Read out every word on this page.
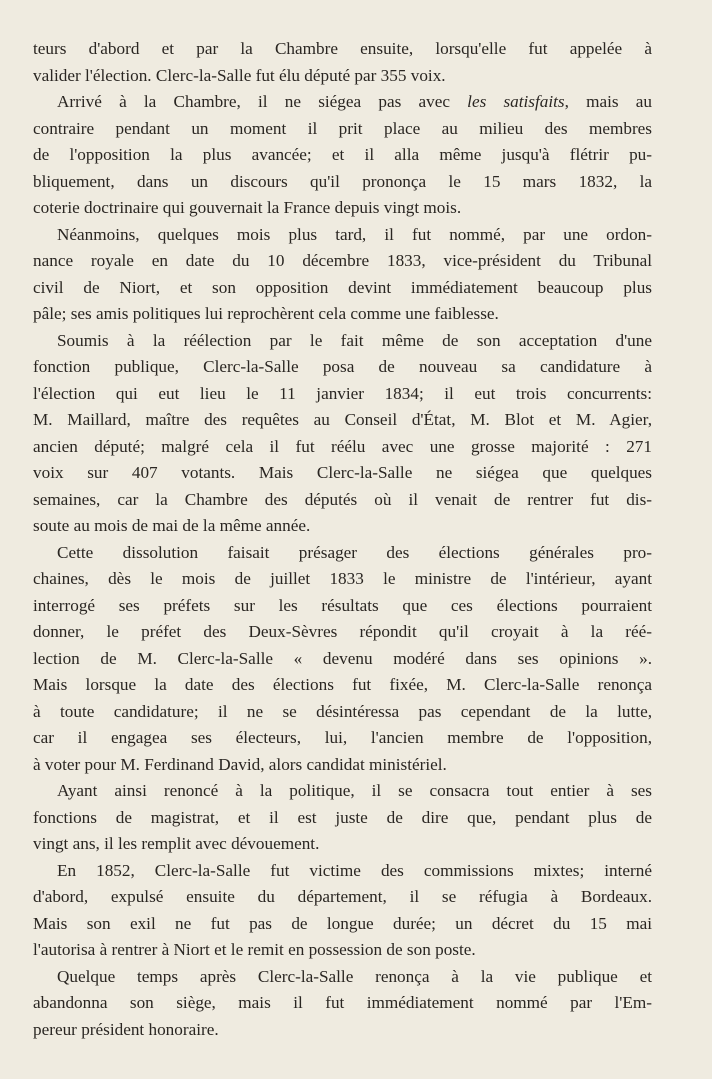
teurs d'abord et par la Chambre ensuite, lorsqu'elle fut appelée à
valider l'élection. Clerc-la-Salle fut élu député par 355 voix.
Arrivé à la Chambre, il ne siégea pas avec les satisfaits, mais au
contraire pendant un moment il prit place au milieu des membres
de l'opposition la plus avancée; et il alla même jusqu'à flétrir pu-
bliquement, dans un discours qu'il prononça le 15 mars 1832, la
coterie doctrinaire qui gouvernait la France depuis vingt mois.
Néanmoins, quelques mois plus tard, il fut nommé, par une ordon-
nance royale en date du 10 décembre 1833, vice-président du Tribunal
civil de Niort, et son opposition devint immédiatement beaucoup plus
pâle; ses amis politiques lui reprochèrent cela comme une faiblesse.
Soumis à la réélection par le fait même de son acceptation d'une
fonction publique, Clerc-la-Salle posa de nouveau sa candidature à
l'élection qui eut lieu le 11 janvier 1834; il eut trois concurrents:
M. Maillard, maître des requêtes au Conseil d'État, M. Blot et M. Agier,
ancien député; malgré cela il fut réélu avec une grosse majorité : 271
voix sur 407 votants. Mais Clerc-la-Salle ne siégea que quelques
semaines, car la Chambre des députés où il venait de rentrer fut dis-
soute au mois de mai de la même année.
Cette dissolution faisait présager des élections générales pro-
chaines, dès le mois de juillet 1833 le ministre de l'intérieur, ayant
interrogé ses préfets sur les résultats que ces élections pourraient
donner, le préfet des Deux-Sèvres répondit qu'il croyait à la réé-
lection de M. Clerc-la-Salle « devenu modéré dans ses opinions ».
Mais lorsque la date des élections fut fixée, M. Clerc-la-Salle renonça
à toute candidature; il ne se désintéressa pas cependant de la lutte,
car il engagea ses électeurs, lui, l'ancien membre de l'opposition,
à voter pour M. Ferdinand David, alors candidat ministériel.
Ayant ainsi renoncé à la politique, il se consacra tout entier à ses
fonctions de magistrat, et il est juste de dire que, pendant plus de
vingt ans, il les remplit avec dévouement.
En 1852, Clerc-la-Salle fut victime des commissions mixtes; interné
d'abord, expulsé ensuite du département, il se réfugia à Bordeaux.
Mais son exil ne fut pas de longue durée; un décret du 15 mai
l'autorisa à rentrer à Niort et le remit en possession de son poste.
Quelque temps après Clerc-la-Salle renonça à la vie publique et
abandonna son siège, mais il fut immédiatement nommé par l'Em-
pereur président honoraire.
